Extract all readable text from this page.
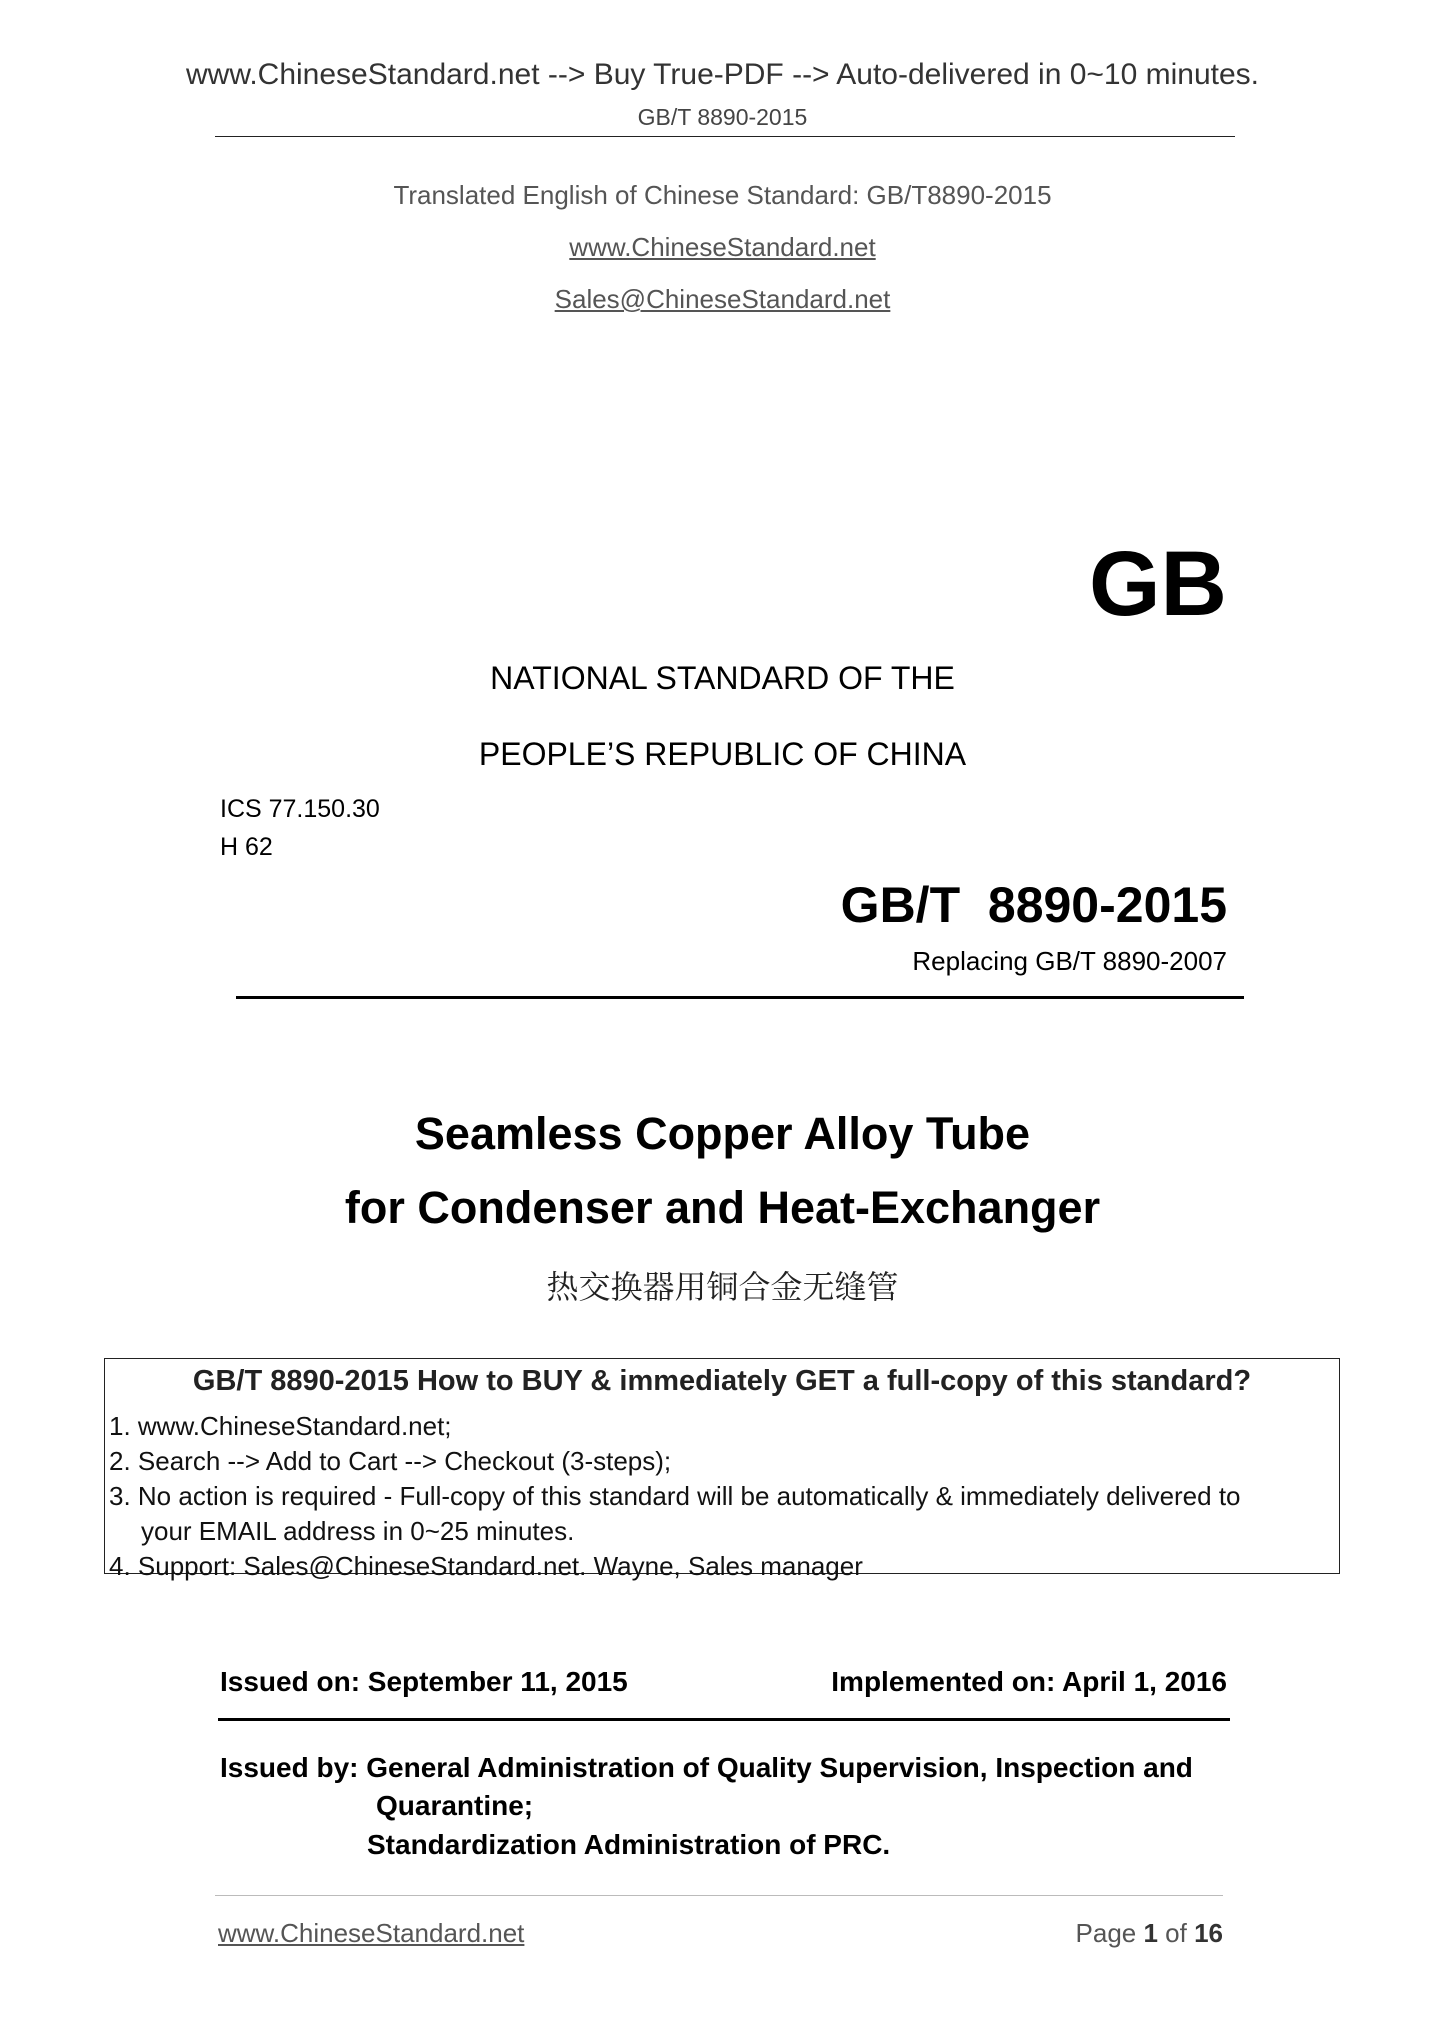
www.ChineseStandard.net --> Buy True-PDF --> Auto-delivered in 0~10 minutes.
GB/T 8890-2015
Translated English of Chinese Standard: GB/T8890-2015
www.ChineseStandard.net
Sales@ChineseStandard.net
GB
NATIONAL STANDARD OF THE
PEOPLE’S REPUBLIC OF CHINA
ICS 77.150.30
H 62
GB/T  8890-2015
Replacing GB/T 8890-2007
Seamless Copper Alloy Tube
for Condenser and Heat-Exchanger
热交换器用铜合金无缝管
GB/T 8890-2015 How to BUY & immediately GET a full-copy of this standard?
1. www.ChineseStandard.net;
2. Search --> Add to Cart --> Checkout (3-steps);
3. No action is required - Full-copy of this standard will be automatically & immediately delivered to
your EMAIL address in 0~25 minutes.
4. Support: Sales@ChineseStandard.net. Wayne, Sales manager
Issued on: September 11, 2015	Implemented on: April 1, 2016
Issued by: General Administration of Quality Supervision, Inspection and
Quarantine;
Standardization Administration of PRC.
www.ChineseStandard.net	Page 1 of 16
